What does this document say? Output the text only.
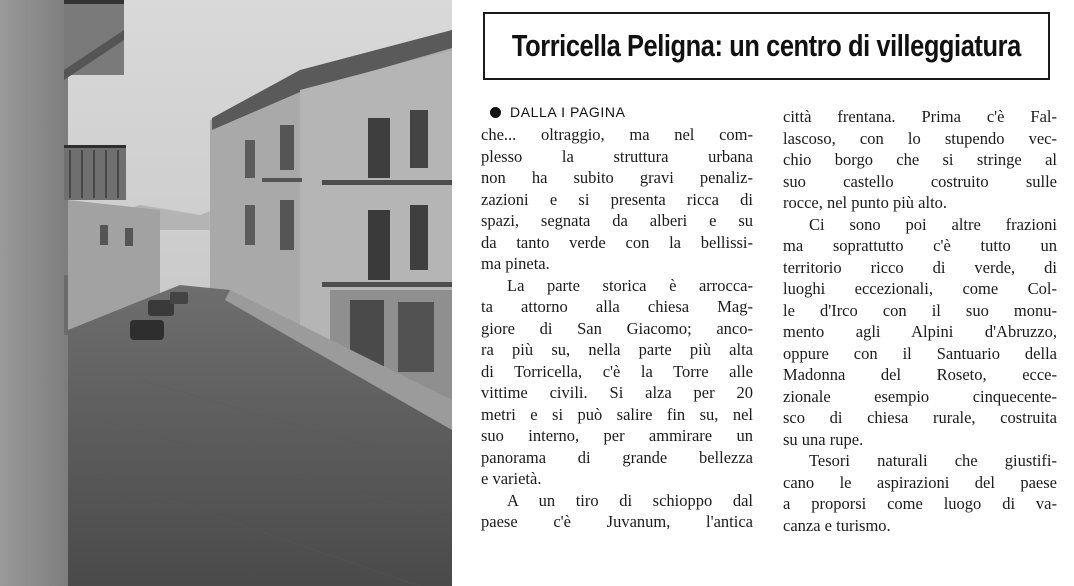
Torricella Peligna: un centro di villeggiatura
DALLA I PAGINA
che... oltraggio, ma nel com-
plesso la struttura urbana
non ha subito gravi penaliz-
zazioni e si presenta ricca di
spazi, segnata da alberi e su
da tanto verde con la bellissi-
ma pineta.
La parte storica è arrocca-
ta attorno alla chiesa Mag-
giore di San Giacomo; anco-
ra più su, nella parte più alta
di Torricella, c'è la Torre alle
vittime civili. Si alza per 20
metri e si può salire fin su, nel
suo interno, per ammirare un
panorama di grande bellezza
e varietà.
A un tiro di schioppo dal
paese c'è Juvanum, l'antica
città frentana. Prima c'è Fal-
lascoso, con lo stupendo vec-
chio borgo che si stringe al
suo castello costruito sulle
rocce, nel punto più alto.
Ci sono poi altre frazioni
ma soprattutto c'è tutto un
territorio ricco di verde, di
luoghi eccezionali, come Col-
le d'Irco con il suo monu-
mento agli Alpini d'Abruzzo,
oppure con il Santuario della
Madonna del Roseto, ecce-
zionale esempio cinquecente-
sco di chiesa rurale, costruita
su una rupe.
Tesori naturali che giustifi-
cano le aspirazioni del paese
a proporsi come luogo di va-
canza e turismo.
